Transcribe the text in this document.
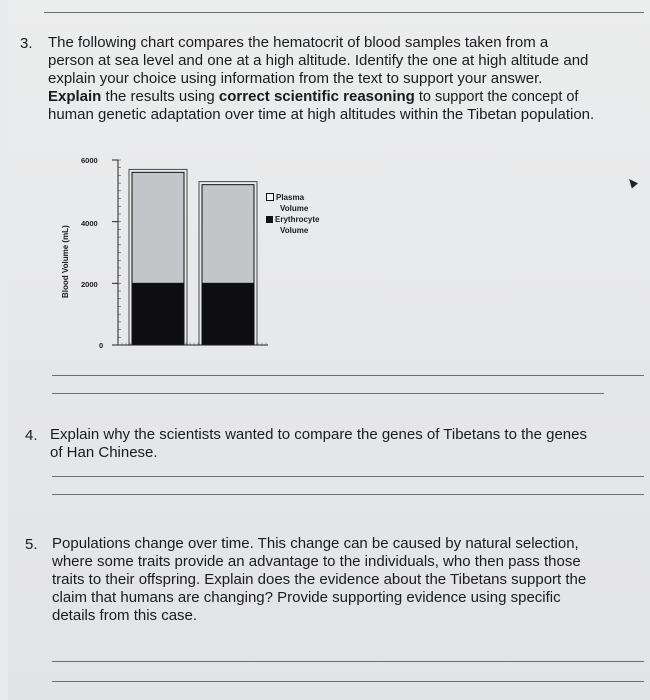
3. The following chart compares the hematocrit of blood samples taken from a
person at sea level and one at a high altitude. Identify the one at high altitude and
explain your choice using information from the text to support your answer.
Explain the results using correct scientific reasoning to support the concept of
human genetic adaptation over time at high altitudes within the Tibetan population.
Blood Volume (mL)
6000
4000
2000
0
Plasma
Volume
Erythrocyte
Volume
4. Explain why the scientists wanted to compare the genes of Tibetans to the genes
of Han Chinese.
5. Populations change over time. This change can be caused by natural selection,
where some traits provide an advantage to the individuals, who then pass those
traits to their offspring. Explain does the evidence about the Tibetans support the
claim that humans are changing? Provide supporting evidence using specific
details from this case.
